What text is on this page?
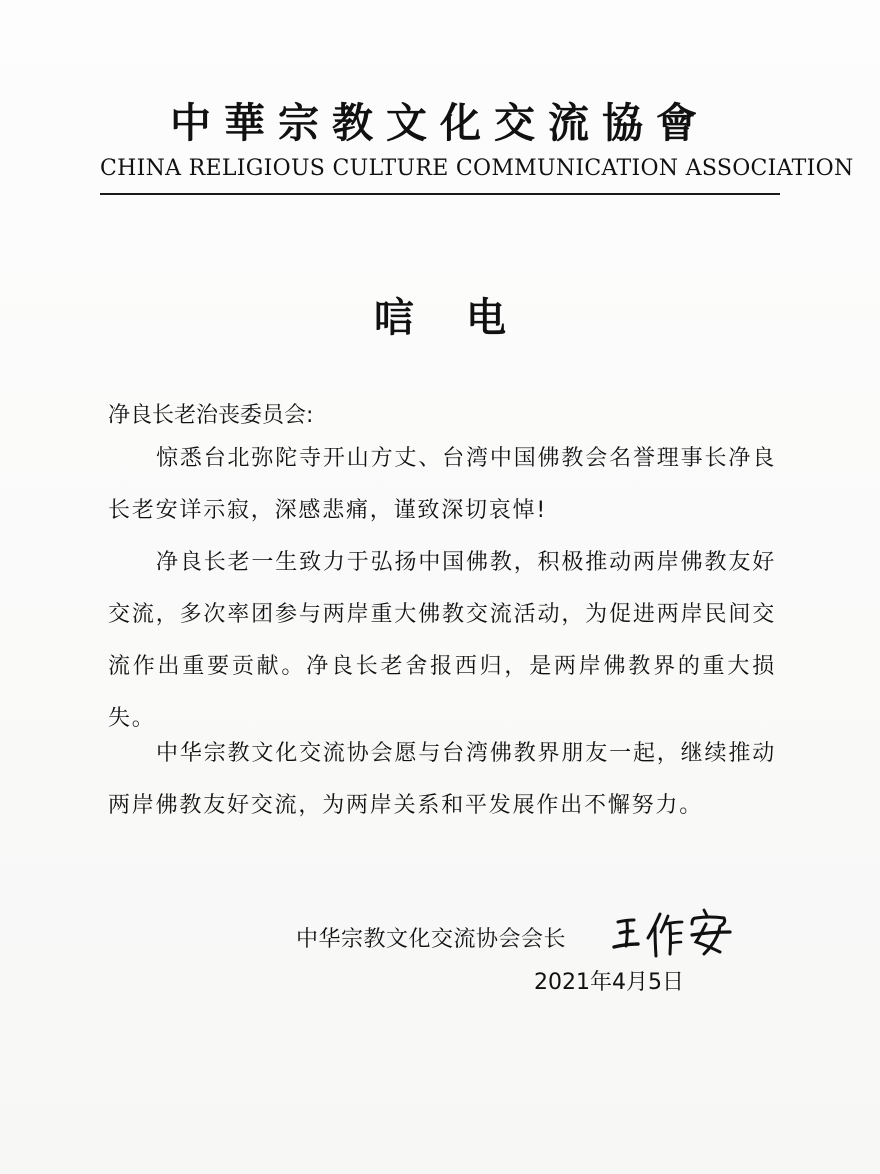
中華宗教文化交流協會
CHINA RELIGIOUS CULTURE COMMUNICATION ASSOCIATION
唁电
净良长老治丧委员会:

惊悉台北弥陀寺开山方丈、台湾中国佛教会名誉理事长净良长老安详示寂，深感悲痛，谨致深切哀悼!

净良长老一生致力于弘扬中国佛教，积极推动两岸佛教友好交流，多次率团参与两岸重大佛教交流活动，为促进两岸民间交流作出重要贡献。净良长老舍报西归，是两岸佛教界的重大损失。

中华宗教文化交流协会愿与台湾佛教界朋友一起，继续推动两岸佛教友好交流，为两岸关系和平发展作出不懈努力。

中华宗教文化交流协会会长
2021年4月5日
